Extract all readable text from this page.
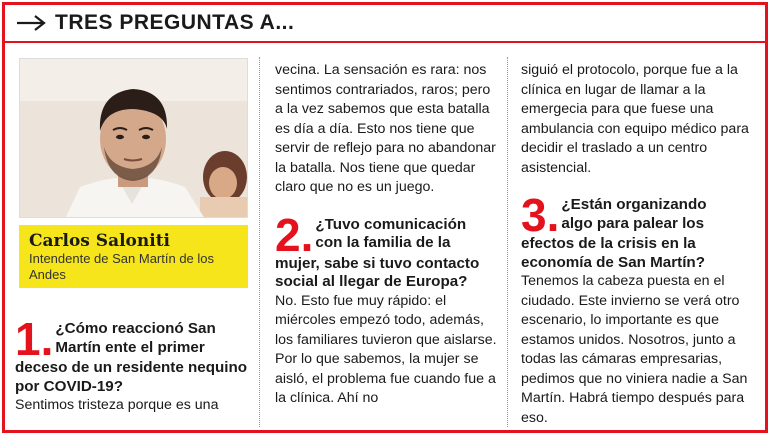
TRES PREGUNTAS A...
Carlos Saloniti
Intendente de San Martín de los Andes
1. ¿Cómo reaccionó San
Martín ente el primer
deceso de un residente nequino por COVID-19?

Sentimos tristeza porque es una

vecina. La sensación es rara: nos sentimos contrariados, raros; pero a la vez sabemos que esta batalla es día a día. Esto nos tiene que servir de reflejo para no abandonar la batalla. Nos tiene que quedar claro que no es un juego.

2. ¿Tuvo comunicación
con la familia de la
mujer, sabe si tuvo contacto social al llegar de Europa?

No. Esto fue muy rápido: el miércoles empezó todo, además, los familiares tuvieron que aislarse. Por lo que sabemos, la mujer se aisló, el problema fue cuando fue a la clínica. Ahí no

siguió el protocolo, porque fue a la clínica en lugar de llamar a la emergecia para que fuese una ambulancia con equipo médico para decidir el traslado a un centro asistencial.

3. ¿Están organizando
algo para palear los
efectos de la crisis en la economía de San Martín?

Tenemos la cabeza puesta en el ciudado. Este invierno se verá otro escenario, lo importante es que estamos unidos. Nosotros, junto a todas las cámaras empresarias, pedimos que no viniera nadie a San Martín. Habrá tiempo después para eso.
